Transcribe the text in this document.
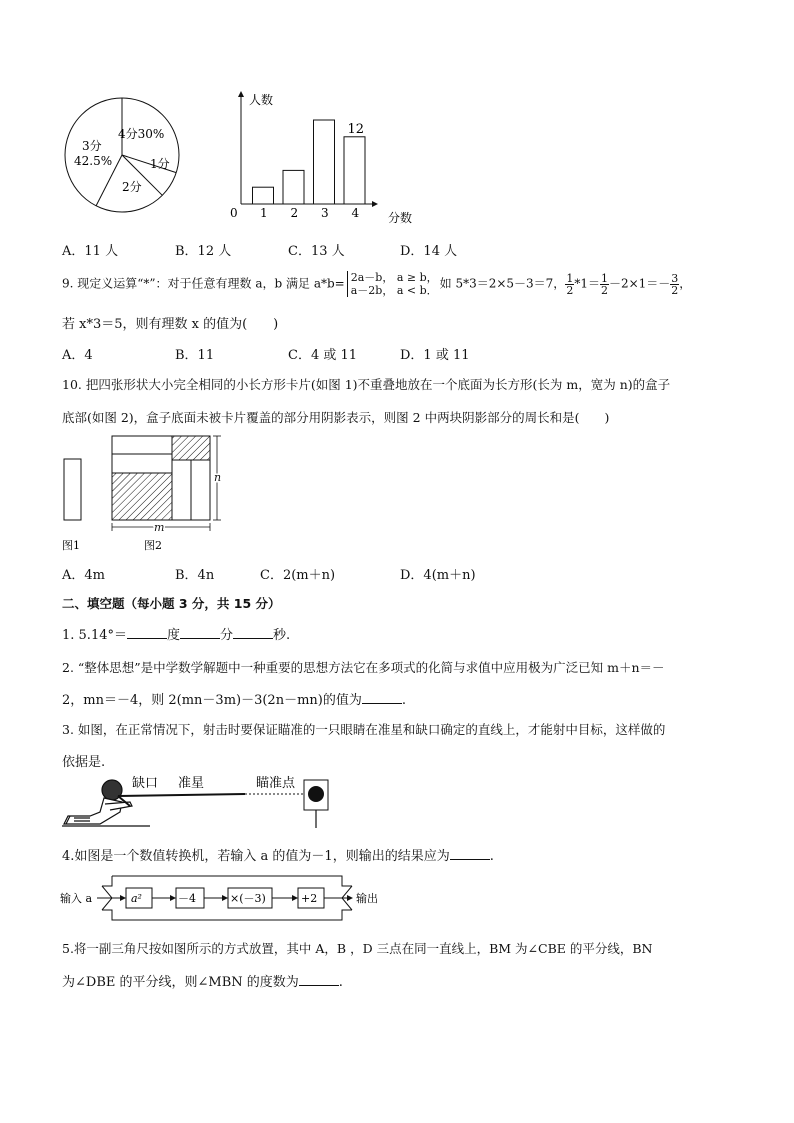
3分
42.5%
4分30%
1分
2分
人数
分数
0 1 2 3 4
12
A．11 人	B．12 人	C．13 人	D．14 人
9. 现定义运算“*”：对于任意有理数 a，b 满足 a*b= 2a－b， a ≥ b，
a－2b， a < b． 如 5*3＝2×5－3＝7， $\frac{1}{2} *1= \frac{1}{2} -2\times 1=- \frac{3}{2}$ ，
若 x*3＝5，则有理数 x 的值为(　　)
A．4	B．11	C．4 或 11	D．1 或 11
10. 把四张形状大小完全相同的小长方形卡片(如图 1)不重叠地放在一个底面为长方形(长为 m，宽为 n)的盒子
底部(如图 2)，盒子底面未被卡片覆盖的部分用阴影表示，则图 2 中两块阴影部分的周长和是(　　)
n
m
图1	图2
A．4m	B．4n	C．2(m＋n)	D．4(m＋n)
二、填空题（每小题 3 分，共 15 分）
1. 5.14°＝	度	分	秒.
2. “整体思想”是中学数学解题中一种重要的思想方法它在多项式的化简与求值中应用极为广泛已知 m＋n＝－
2，mn＝－4，则 2(mn－3m)－3(2n－mn)的值为	.
3. 如图，在正常情况下，射击时要保证瞄准的一只眼睛在准星和缺口确定的直线上，才能射中目标，这样做的
依据是.
缺口 准星	瞄准点
4.如图是一个数值转换机，若输入 a 的值为－1，则输出的结果应为	.
输入 a	a²	－4	×(－3)	+2	输出
5.将一副三角尺按如图所示的方式放置，其中 A，B ，D 三点在同一直线上，BM 为∠CBE 的平分线，BN
为∠DBE 的平分线，则∠MBN 的度数为	.
